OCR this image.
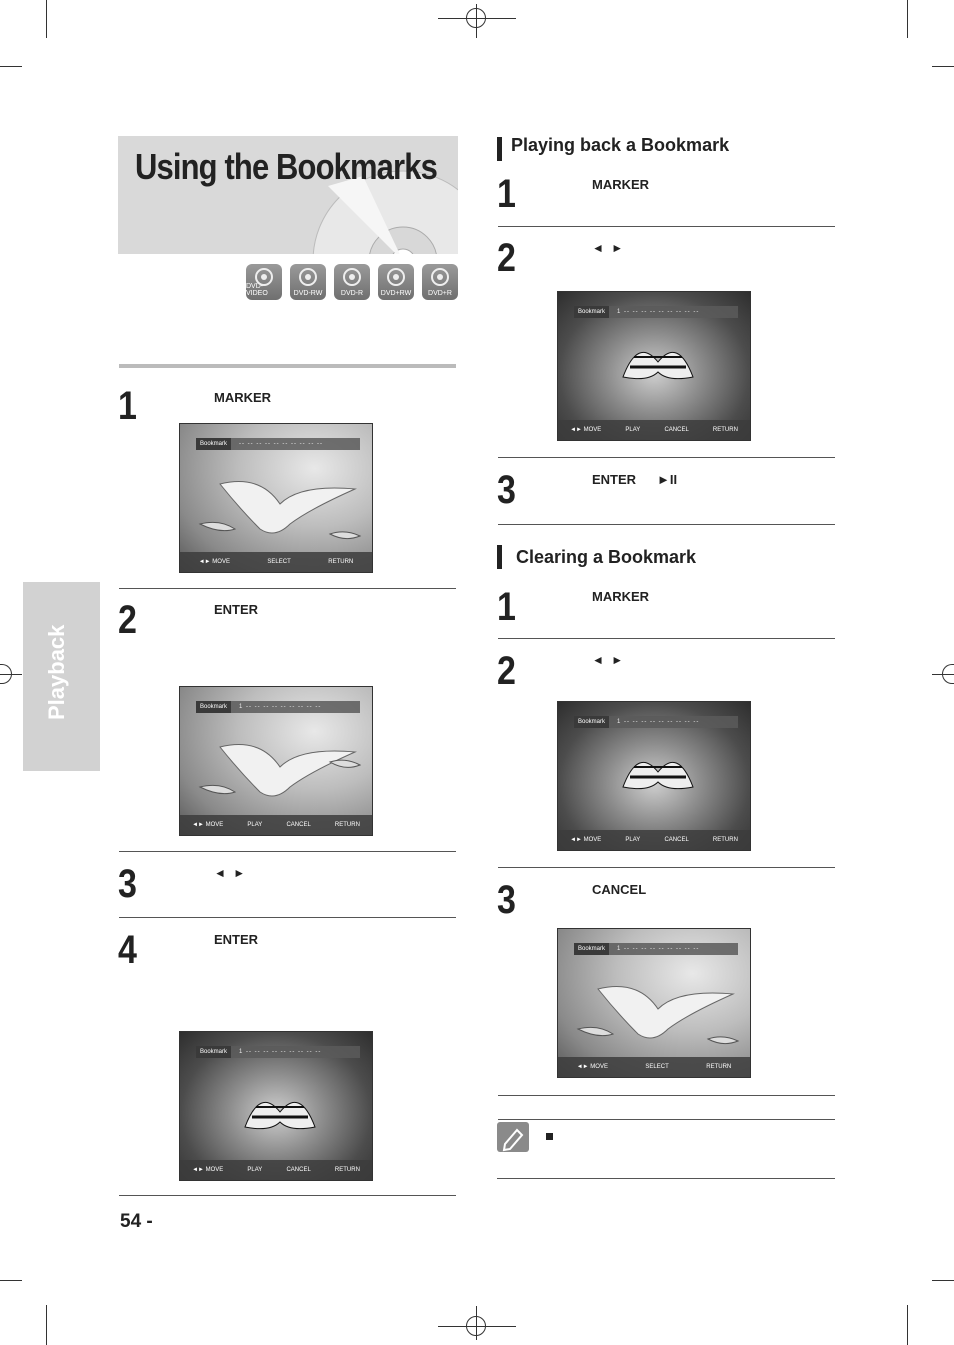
Using the Bookmarks
DVD-VIDEO	DVD-RW	DVD-R	DVD+RW DVD+R
Playback
1	MARKER
Bookmark	-- -- -- -- -- -- -- -- -- --
◄► MOVE	SELECT	RETURN
2	ENTER
Bookmark	1 -- -- -- -- -- -- -- -- --
◄► MOVE	PLAY	CANCEL	RETURN
3	◄ ►
4	ENTER
Bookmark	1 -- -- -- -- -- -- -- -- --
◄► MOVE	PLAY	CANCEL	RETURN
54 -
Playing back a Bookmark
1	MARKER
2	◄ ►
Bookmark	1 -- -- -- -- -- -- -- -- --
◄► MOVE	PLAY	CANCEL	RETURN
3	ENTER ►II
Clearing a Bookmark
1	MARKER
2	◄ ►
Bookmark	1 -- -- -- -- -- -- -- -- --
◄► MOVE	PLAY	CANCEL	RETURN
3	CANCEL
Bookmark	1 -- -- -- -- -- -- -- -- --
◄► MOVE	SELECT	RETURN
